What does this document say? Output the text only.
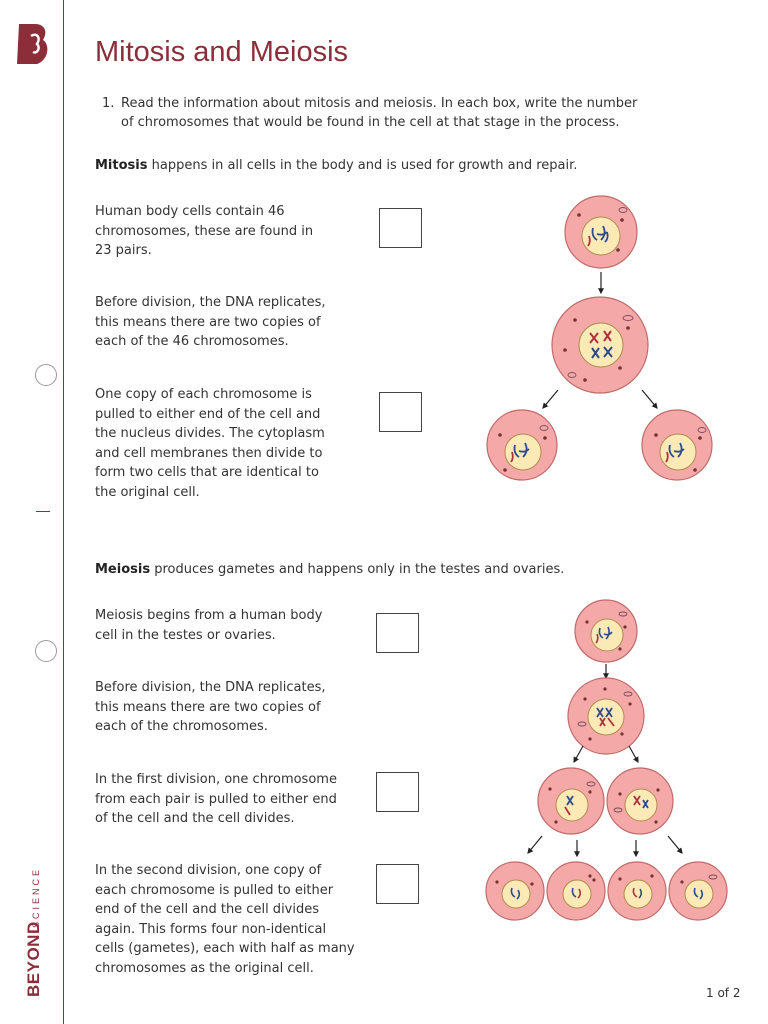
BEYOND
SCIENCE
Mitosis and Meiosis
1. Read the information about mitosis and meiosis. In each box, write the number
of chromosomes that would be found in the cell at that stage in the process.
Mitosis happens in all cells in the body and is used for growth and repair.
Human body cells contain 46
chromosomes, these are found in
23 pairs.
Before division, the DNA replicates,
this means there are two copies of
each of the 46 chromosomes.
One copy of each chromosome is
pulled to either end of the cell and
the nucleus divides. The cytoplasm
and cell membranes then divide to
form two cells that are identical to
the original cell.
Meiosis produces gametes and happens only in the testes and ovaries.
Meiosis begins from a human body
cell in the testes or ovaries.
Before division, the DNA replicates,
this means there are two copies of
each of the chromosomes.
In the first division, one chromosome
from each pair is pulled to either end
of the cell and the cell divides.
In the second division, one copy of
each chromosome is pulled to either
end of the cell and the cell divides
again. This forms four non-identical
cells (gametes), each with half as many
chromosomes as the original cell.
1 of 2
